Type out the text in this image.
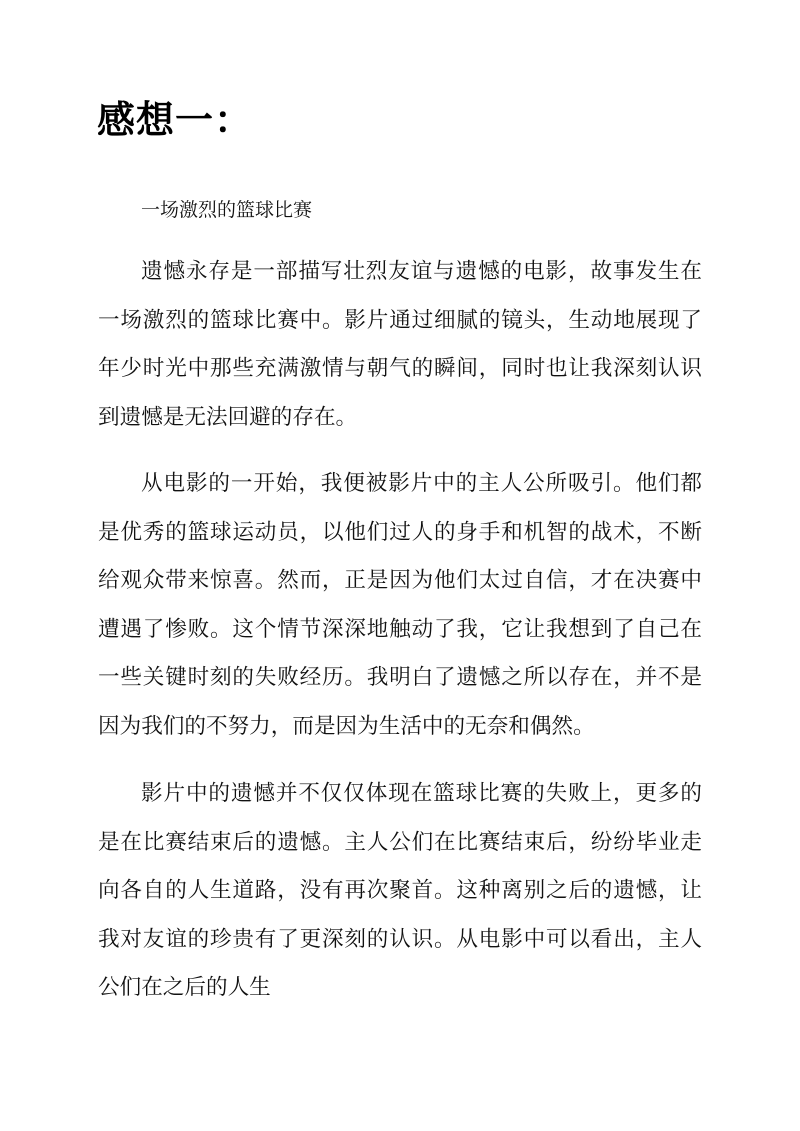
感想一：

一场激烈的篮球比赛

遗憾永存是一部描写壮烈友谊与遗憾的电影，故事发生在一场激烈的篮球比赛中。影片通过细腻的镜头，生动地展现了年少时光中那些充满激情与朝气的瞬间，同时也让我深刻认识到遗憾是无法回避的存在。

从电影的一开始，我便被影片中的主人公所吸引。他们都是优秀的篮球运动员，以他们过人的身手和机智的战术，不断给观众带来惊喜。然而，正是因为他们太过自信，才在决赛中遭遇了惨败。这个情节深深地触动了我，它让我想到了自己在一些关键时刻的失败经历。我明白了遗憾之所以存在，并不是因为我们的不努力，而是因为生活中的无奈和偶然。

影片中的遗憾并不仅仅体现在篮球比赛的失败上，更多的是在比赛结束后的遗憾。主人公们在比赛结束后，纷纷毕业走向各自的人生道路，没有再次聚首。这种离别之后的遗憾，让我对友谊的珍贵有了更深刻的认识。从电影中可以看出，主人公们在之后的人生
